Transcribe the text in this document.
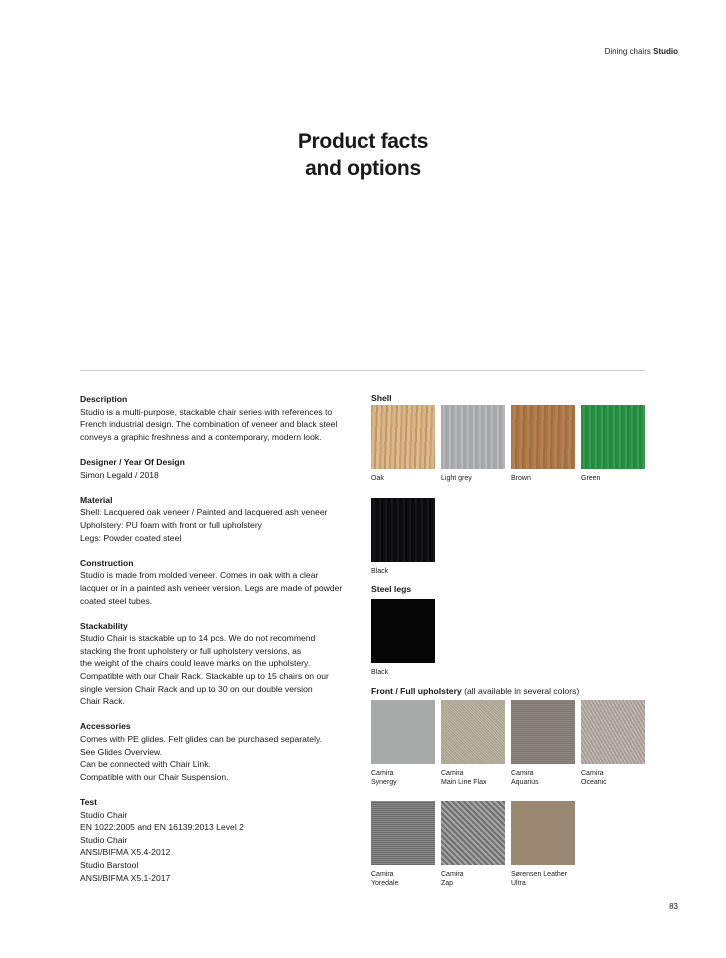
Dining chairs Studio
Product facts
and options
Description

Studio is a multi-purpose, stackable chair series with references to
French industrial design. The combination of veneer and black steel
conveys a graphic freshness and a contemporary, modern look.

Designer / Year Of Design

Simon Legald / 2018

Material

Shell: Lacquered oak veneer / Painted and lacquered ash veneer
Upholstery: PU foam with front or full upholstery
Legs: Powder coated steel

Construction

Studio is made from molded veneer. Comes in oak with a clear
lacquer or in a painted ash veneer version. Legs are made of powder
coated steel tubes.

Stackability

Studio Chair is stackable up to 14 pcs. We do not recommend
stacking the front upholstery or full upholstery versions, as
the weight of the chairs could leave marks on the upholstery.
Compatible with our Chair Rack. Stackable up to 15 chairs on our
single version Chair Rack and up to 30 on our double version
Chair Rack.

Accessories

Comes with PE glides. Felt glides can be purchased separately.
See Glides Overview.
Can be connected with Chair Link.
Compatible with our Chair Suspension.

Test

Studio Chair
EN 1022:2005 and EN 16139:2013 Level 2
Studio Chair
ANSI/BIFMA X5.4-2012
Studio Barstool
ANSI/BIFMA X5.1-2017

Shell
Oak	Light grey	Brown	Green
Black
Steel legs
Black
Front / Full upholstery (all available in several colors)
Camira
Synergy
Camira
Main Line Flax
Camira
Aquarius
Camira
Oceanic
Camira
Yoredale
Camira
Zap
Sørensen Leather
Ultra
83
